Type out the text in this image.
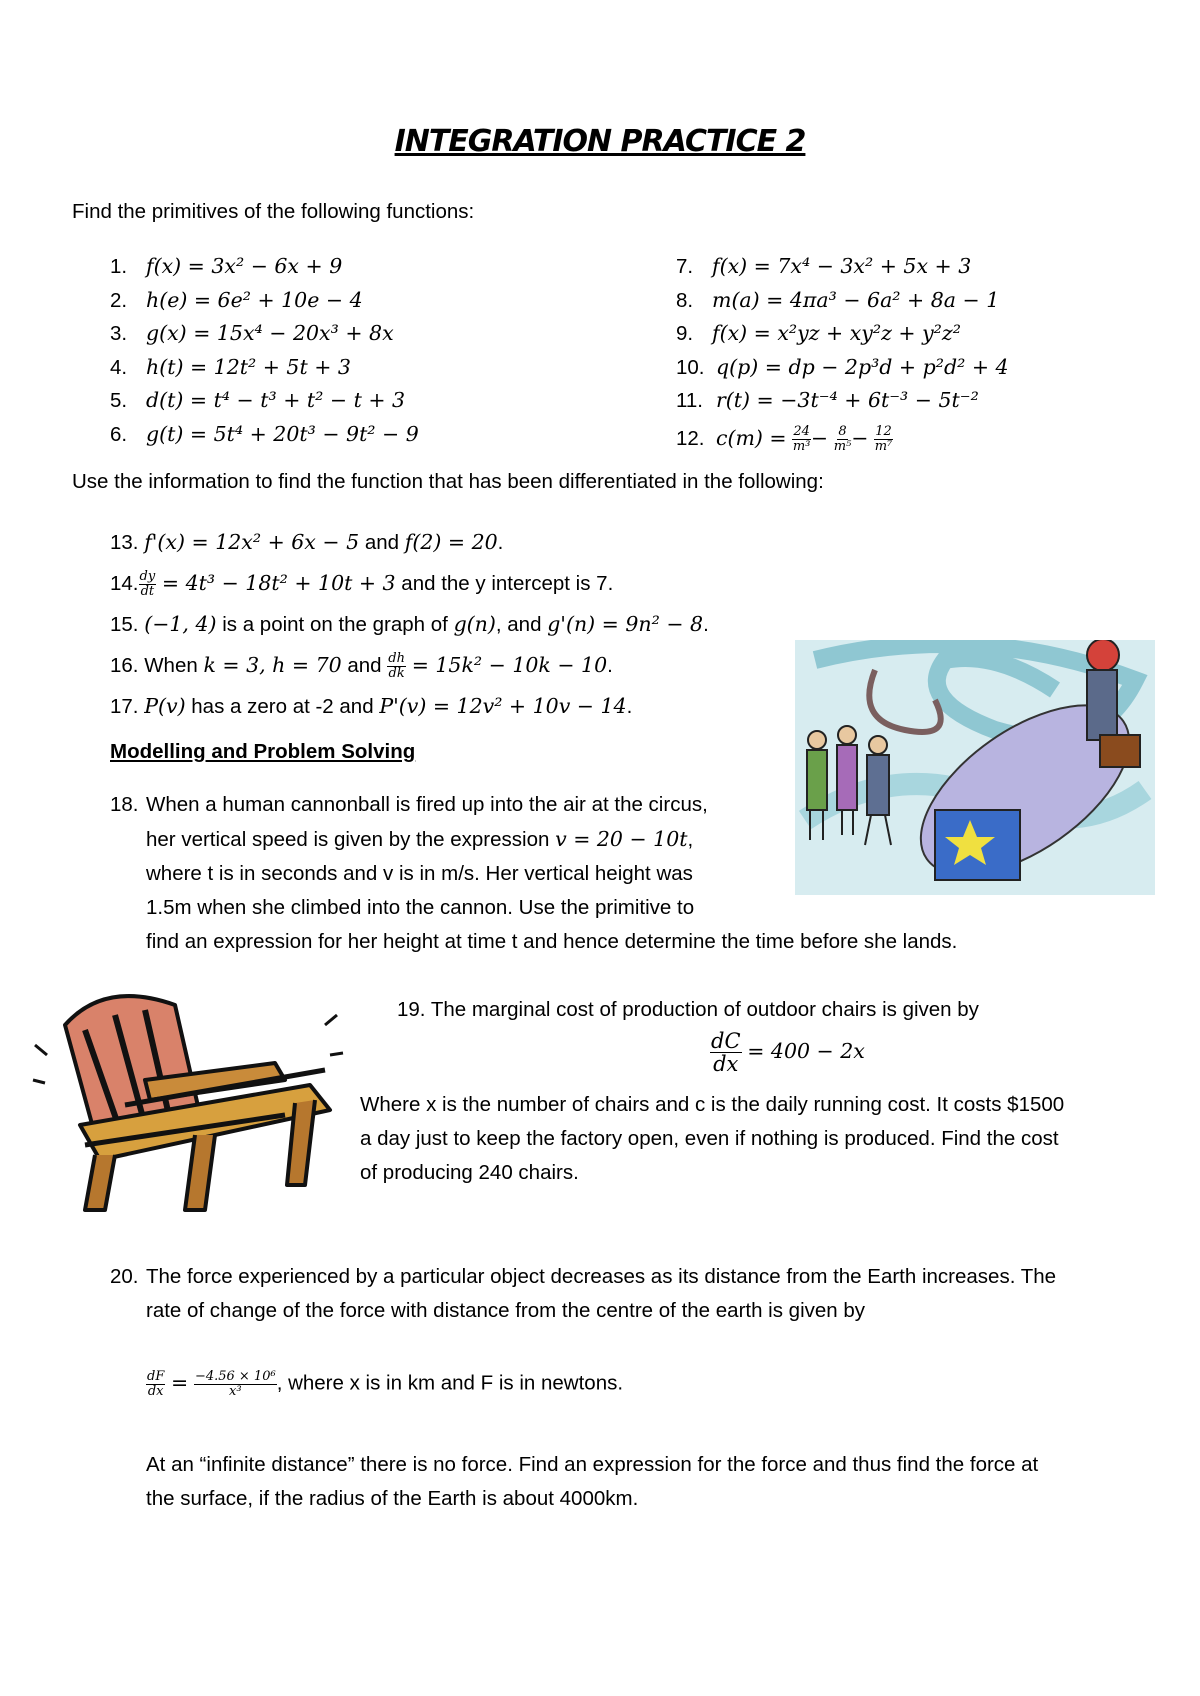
INTEGRATION PRACTICE 2
Find the primitives of the following functions:
1. f(x) = 3x² − 6x + 9
2. h(e) = 6e² + 10e − 4
3. g(x) = 15x⁴ − 20x³ + 8x
4. h(t) = 12t² + 5t + 3
5. d(t) = t⁴ − t³ + t² − t + 3
6. g(t) = 5t⁴ + 20t³ − 9t² − 9
7. f(x) = 7x⁴ − 3x² + 5x + 3
8. m(a) = 4πa³ − 6a² + 8a − 1
9. f(x) = x²yz + xy²z + y²z²
10. q(p) = dp − 2p³d + p²d² + 4
11. r(t) = −3t⁻⁴ + 6t⁻³ − 5t⁻²
12. $c(m) = \frac{24}{\text{m³}} - \frac{8}{\text{m⁵}} - \frac{12}{\text{m⁷}}$
Use the information to find the function that has been differentiated in the following:
13. f'(x) = 12x² + 6x − 5 and f(2) = 20.
14. $\frac{dy}{dt} = 4t^3 - 18t^2 + 10t + 3$ and the y intercept is 7.
15. (−1, 4) is a point on the graph of g(n), and g'(n) = 9n² − 8.
16. When k = 3, h = 70 and $\frac{dh}{dk} = 15k^2 - 10k - 10$.
17. P(v) has a zero at -2 and P'(v) = 12v² + 10v − 14.
Modelling and Problem Solving
18. When a human cannonball is fired up into the air at the circus,
her vertical speed is given by the expression v = 20 − 10t,
where t is in seconds and v is in m/s. Her vertical height was
1.5m when she climbed into the cannon. Use the primitive to
find an expression for her height at time t and hence determine the time before she lands.
19. The marginal cost of production of outdoor chairs is given by
$\frac{dC}{dx} = 400 - 2x$
Where x is the number of chairs and c is the daily running cost. It costs $1500
a day just to keep the factory open, even if nothing is produced. Find the cost
of producing 240 chairs.
20. The force experienced by a particular object decreases as its distance from the Earth increases. The
rate of change of the force with distance from the centre of the earth is given by
$\frac{dF}{dx} = \frac{\text{−4.56 × 10⁶}}{\text{x³}}$ , where x is in km and F is in newtons.
At an “infinite distance” there is no force. Find an expression for the force and thus find the force at
the surface, if the radius of the Earth is about 4000km.
